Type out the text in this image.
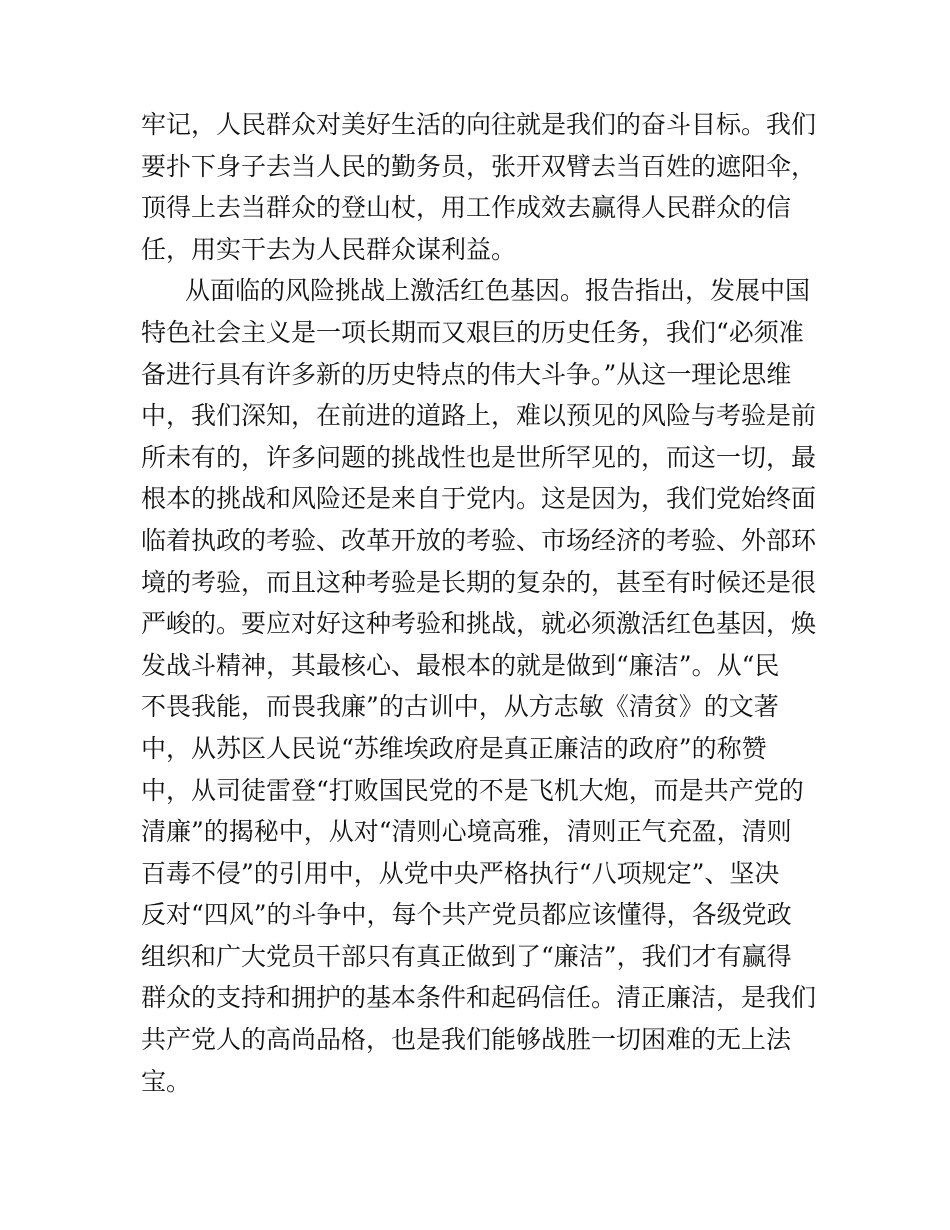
牢记，人民群众对美好生活的向往就是我们的奋斗目标。我们
要扑下身子去当人民的勤务员，张开双臂去当百姓的遮阳伞，
顶得上去当群众的登山杖，用工作成效去赢得人民群众的信
任，用实干去为人民群众谋利益。
从面临的风险挑战上激活红色基因。报告指出，发展中国
特色社会主义是一项长期而又艰巨的历史任务，我们“必须准
备进行具有许多新的历史特点的伟大斗争。”从这一理论思维
中，我们深知，在前进的道路上，难以预见的风险与考验是前
所未有的，许多问题的挑战性也是世所罕见的，而这一切，最
根本的挑战和风险还是来自于党内。这是因为，我们党始终面
临着执政的考验、改革开放的考验、市场经济的考验、外部环
境的考验，而且这种考验是长期的复杂的，甚至有时候还是很
严峻的。要应对好这种考验和挑战，就必须激活红色基因，焕
发战斗精神，其最核心、最根本的就是做到“廉洁”。从“民
不畏我能，而畏我廉”的古训中，从方志敏《清贫》的文著
中，从苏区人民说“苏维埃政府是真正廉洁的政府”的称赞
中，从司徒雷登“打败国民党的不是飞机大炮，而是共产党的
清廉”的揭秘中，从对“清则心境高雅，清则正气充盈，清则
百毒不侵”的引用中，从党中央严格执行“八项规定”、坚决
反对“四风”的斗争中，每个共产党员都应该懂得，各级党政
组织和广大党员干部只有真正做到了“廉洁”，我们才有赢得
群众的支持和拥护的基本条件和起码信任。清正廉洁，是我们
共产党人的高尚品格，也是我们能够战胜一切困难的无上法
宝。
